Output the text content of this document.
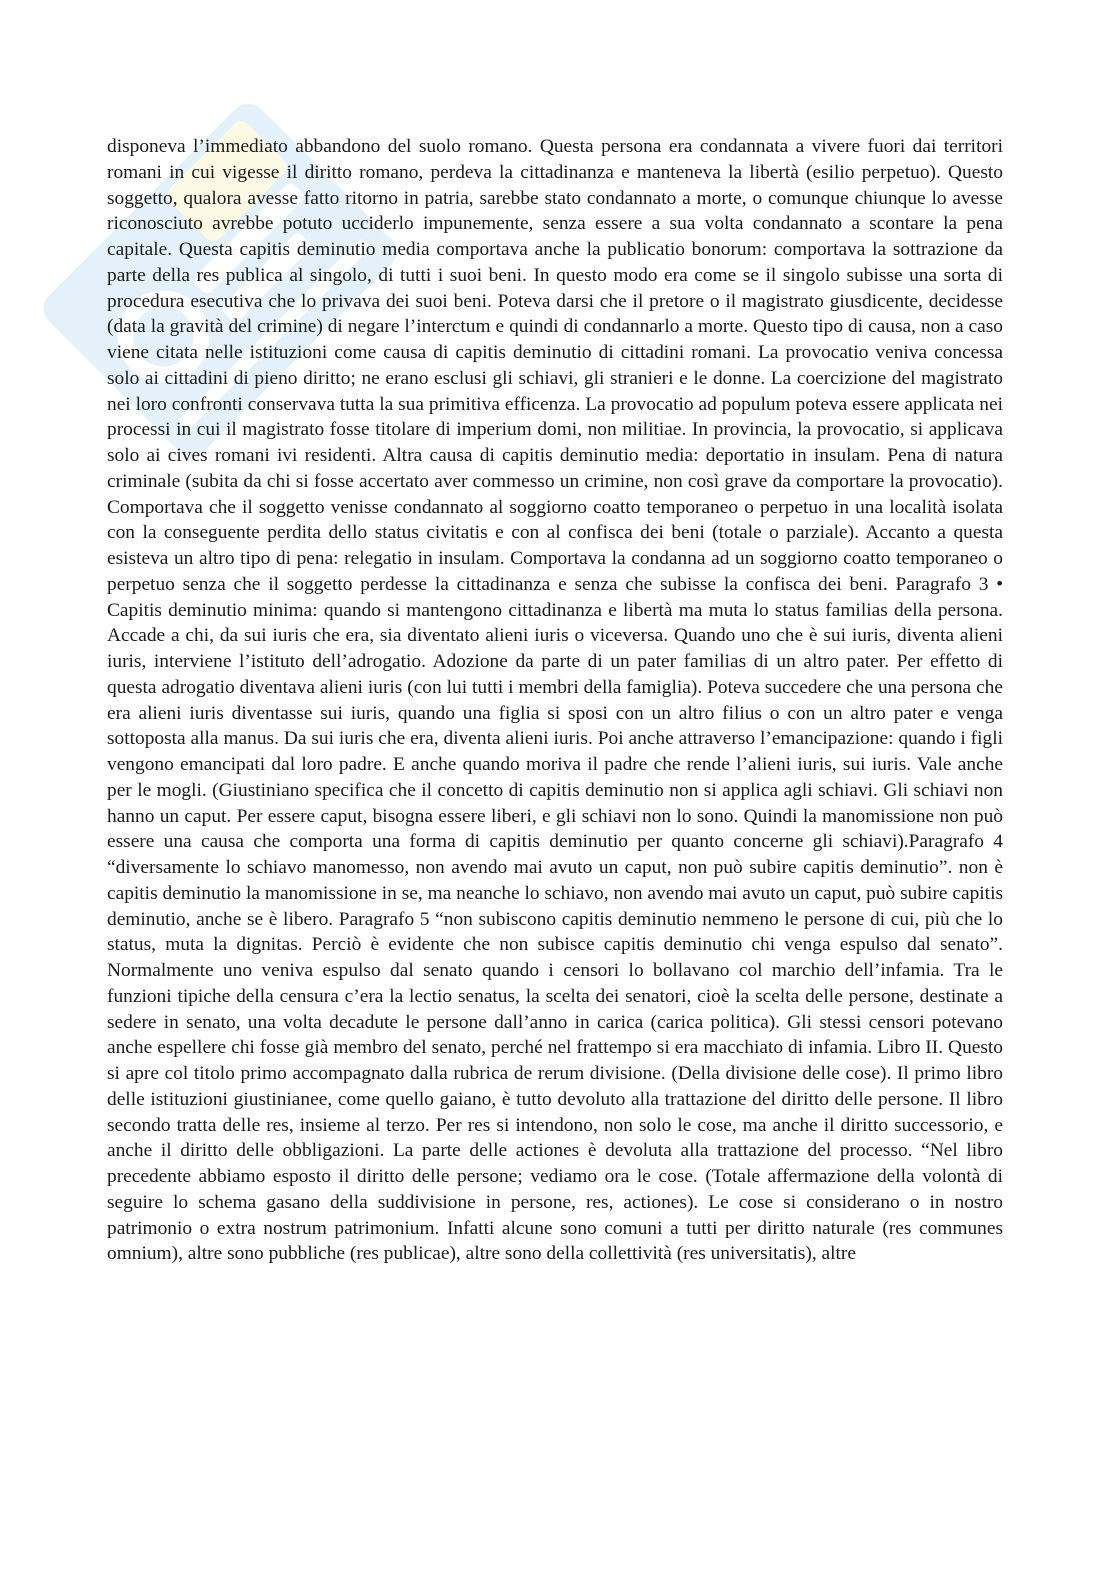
disponeva l’immediato abbandono del suolo romano. Questa persona era condannata a vivere fuori dai territori romani in cui vigesse il diritto romano, perdeva la cittadinanza e manteneva la libertà (esilio perpetuo). Questo soggetto, qualora avesse fatto ritorno in patria, sarebbe stato condannato a morte, o comunque chiunque lo avesse riconosciuto avrebbe potuto ucciderlo impunemente, senza essere a sua volta condannato a scontare la pena capitale. Questa capitis deminutio media comportava anche la publicatio bonorum: comportava la sottrazione da parte della res publica al singolo, di tutti i suoi beni. In questo modo era come se il singolo subisse una sorta di procedura esecutiva che lo privava dei suoi beni. Poteva darsi che il pretore o il magistrato giusdicente, decidesse (data la gravità del crimine) di negare l’interctum e quindi di condannarlo a morte. Questo tipo di causa, non a caso viene citata nelle istituzioni come causa di capitis deminutio di cittadini romani. La provocatio veniva concessa solo ai cittadini di pieno diritto; ne erano esclusi gli schiavi, gli stranieri e le donne. La coercizione del magistrato nei loro confronti conservava tutta la sua primitiva efficenza. La provocatio ad populum poteva essere applicata nei processi in cui il magistrato fosse titolare di imperium domi, non militiae. In provincia, la provocatio, si applicava solo ai cives romani ivi residenti. Altra causa di capitis deminutio media: deportatio in insulam. Pena di natura criminale (subita da chi si fosse accertato aver commesso un crimine, non così grave da comportare la provocatio). Comportava che il soggetto venisse condannato al soggiorno coatto temporaneo o perpetuo in una località isolata con la conseguente perdita dello status civitatis e con al confisca dei beni (totale o parziale). Accanto a questa esisteva un altro tipo di pena: relegatio in insulam. Comportava la condanna ad un soggiorno coatto temporaneo o perpetuo senza che il soggetto perdesse la cittadinanza e senza che subisse la confisca dei beni. Paragrafo 3 • Capitis deminutio minima: quando si mantengono cittadinanza e libertà ma muta lo status familias della persona. Accade a chi, da sui iuris che era, sia diventato alieni iuris o viceversa. Quando uno che è sui iuris, diventa alieni iuris, interviene l’istituto dell’adrogatio. Adozione da parte di un pater familias di un altro pater. Per effetto di questa adrogatio diventava alieni iuris (con lui tutti i membri della famiglia). Poteva succedere che una persona che era alieni iuris diventasse sui iuris, quando una figlia si sposi con un altro filius o con un altro pater e venga sottoposta alla manus. Da sui iuris che era, diventa alieni iuris. Poi anche attraverso l’emancipazione: quando i figli vengono emancipati dal loro padre. E anche quando moriva il padre che rende l’alieni iuris, sui iuris. Vale anche per le mogli. (Giustiniano specifica che il concetto di capitis deminutio non si applica agli schiavi. Gli schiavi non hanno un caput. Per essere caput, bisogna essere liberi, e gli schiavi non lo sono. Quindi la manomissione non può essere una causa che comporta una forma di capitis deminutio per quanto concerne gli schiavi).Paragrafo 4 “diversamente lo schiavo manomesso, non avendo mai avuto un caput, non può subire capitis deminutio”. non è capitis deminutio la manomissione in se, ma neanche lo schiavo, non avendo mai avuto un caput, può subire capitis deminutio, anche se è libero. Paragrafo 5 “non subiscono capitis deminutio nemmeno le persone di cui, più che lo status, muta la dignitas. Perciò è evidente che non subisce capitis deminutio chi venga espulso dal senato”. Normalmente uno veniva espulso dal senato quando i censori lo bollavano col marchio dell’infamia. Tra le funzioni tipiche della censura c’era la lectio senatus, la scelta dei senatori, cioè la scelta delle persone, destinate a sedere in senato, una volta decadute le persone dall’anno in carica (carica politica). Gli stessi censori potevano anche espellere chi fosse già membro del senato, perché nel frattempo si era macchiato di infamia. Libro II. Questo si apre col titolo primo accompagnato dalla rubrica de rerum divisione. (Della divisione delle cose). Il primo libro delle istituzioni giustinianee, come quello gaiano, è tutto devoluto alla trattazione del diritto delle persone. Il libro secondo tratta delle res, insieme al terzo. Per res si intendono, non solo le cose, ma anche il diritto successorio, e anche il diritto delle obbligazioni. La parte delle actiones è devoluta alla trattazione del processo. “Nel libro precedente abbiamo esposto il diritto delle persone; vediamo ora le cose. (Totale affermazione della volontà di seguire lo schema gasano della suddivisione in persone, res, actiones). Le cose si considerano o in nostro patrimonio o extra nostrum patrimonium. Infatti alcune sono comuni a tutti per diritto naturale (res communes omnium), altre sono pubbliche (res publicae), altre sono della collettività (res universitatis), altre
